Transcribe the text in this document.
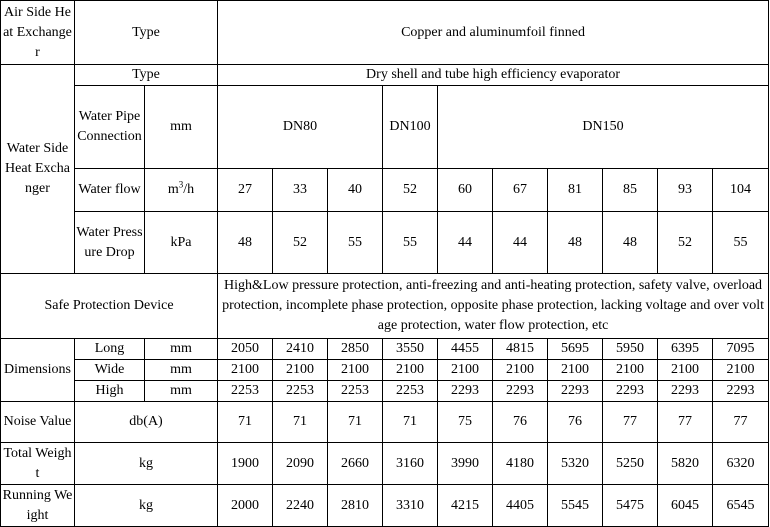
Air Side Heat Exchanger	Type		Copper and aluminumfoil finned									
Water Side Heat Exchanger	Type		Dry shell and tube high efficiency evaporator									
	Water Pipe Connection	mm	DN80			DN100	DN150					
	Water flow	$m^3/h$	27	33	40	52	60	67	81	85	93	104
	Water Pressure Drop	kPa	48	52	55	55	44	44	48	48	52	55
Safe Protection Device			High&Low pressure protection, anti-freezing and anti-heating protection, safety valve, overload protection, incomplete phase protection, opposite phase protection, lacking voltage and over voltage protection, water flow protection, etc									
Dimensions	Long	mm	2050	2410	2850	3550	4455	4815	5695	5950	6395	7095
	Wide	mm	2100	2100	2100	2100	2100	2100	2100	2100	2100	2100
	High	mm	2253	2253	2253	2253	2293	2293	2293	2293	2293	2293
Noise Value	db(A)		71	71	71	71	75	76	76	77	77	77
Total Weight	kg		1900	2090	2660	3160	3990	4180	5320	5250	5820	6320
Running Weight	kg		2000	2240	2810	3310	4215	4405	5545	5475	6045	6545
